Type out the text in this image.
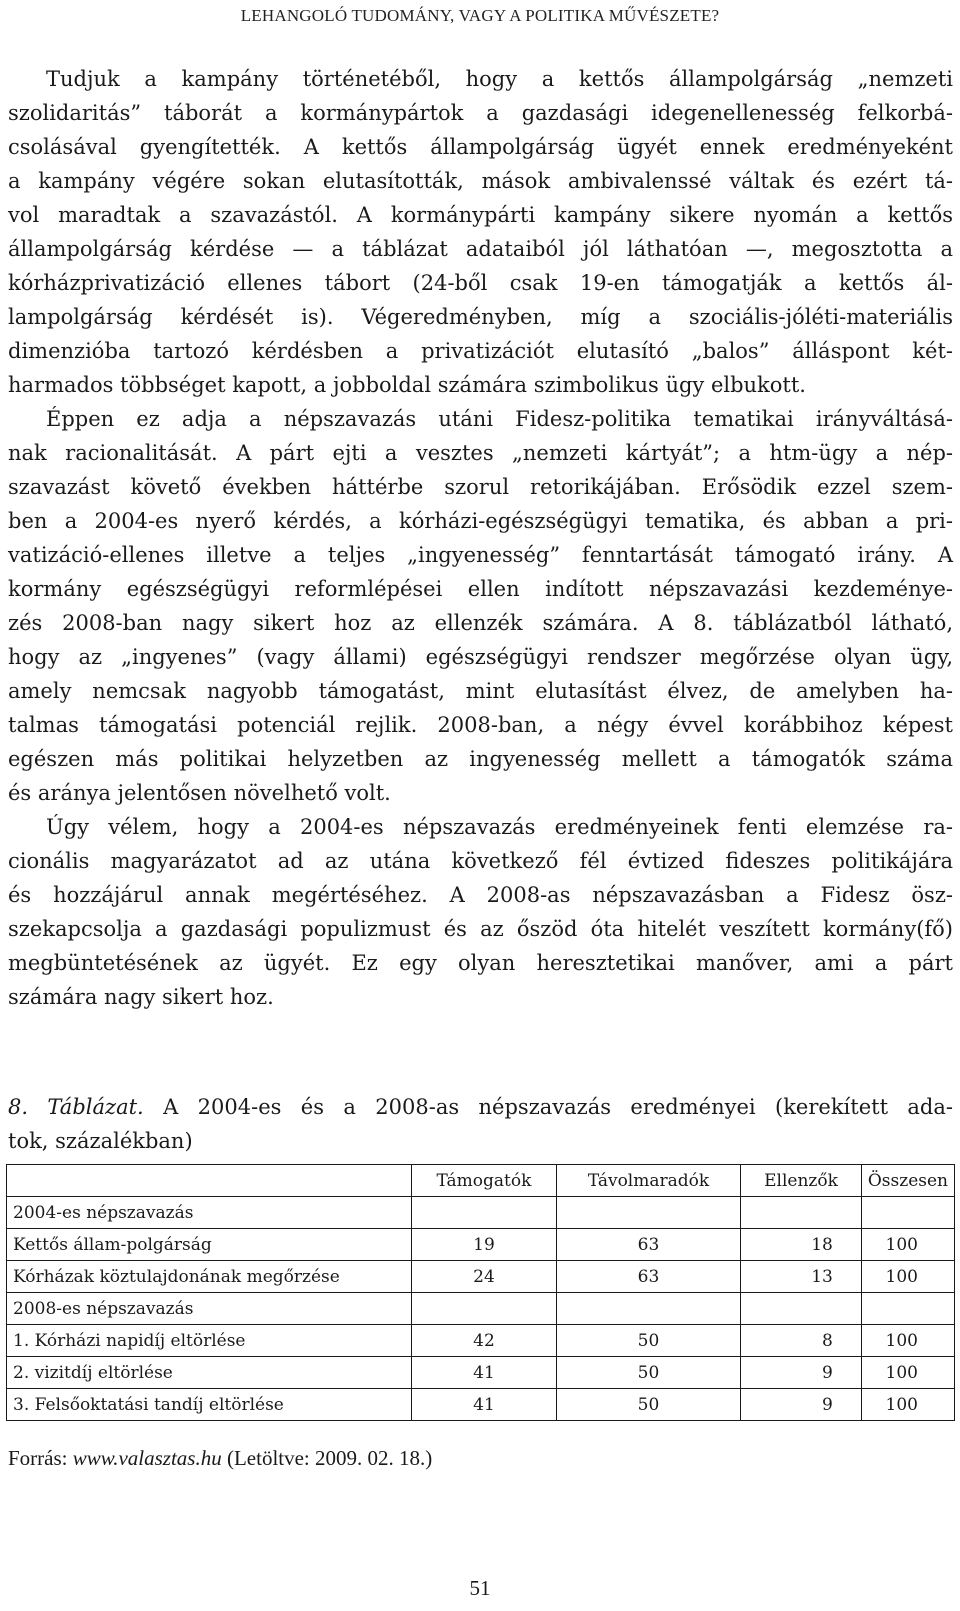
LEHANGOLÓ TUDOMÁNY, VAGY A POLITIKA MŰVÉSZETE?
Tudjuk a kampány történetéből, hogy a kettős állampolgárság „nemzeti
szolidaritás” táborát a kormánypártok a gazdasági idegenellenesség felkorbá-
csolásával gyengítették. A kettős állampolgárság ügyét ennek eredményeként
a kampány végére sokan elutasították, mások ambivalenssé váltak és ezért tá-
vol maradtak a szavazástól. A kormánypárti kampány sikere nyomán a kettős
állampolgárság kérdése — a táblázat adataiból jól láthatóan —, megosztotta a
kórházprivatizáció ellenes tábort (24-ből csak 19-en támogatják a kettős ál-
lampolgárság kérdését is). Végeredményben, míg a szociális-jóléti-materiális
dimenzióba tartozó kérdésben a privatizációt elutasító „balos” álláspont két-
harmados többséget kapott, a jobboldal számára szimbolikus ügy elbukott.
Éppen ez adja a népszavazás utáni Fidesz-politika tematikai irányváltásá-
nak racionalitását. A párt ejti a vesztes „nemzeti kártyát”; a htm-ügy a nép-
szavazást követő években háttérbe szorul retorikájában. Erősödik ezzel szem-
ben a 2004-es nyerő kérdés, a kórházi-egészségügyi tematika, és abban a pri-
vatizáció-ellenes illetve a teljes „ingyenesség” fenntartását támogató irány. A
kormány egészségügyi reformlépései ellen indított népszavazási kezdeményе-
zés 2008-ban nagy sikert hoz az ellenzék számára. A 8. táblázatból látható,
hogy az „ingyenes” (vagy állami) egészségügyi rendszer megőrzése olyan ügy,
amely nemcsak nagyobb támogatást, mint elutasítást élvez, de amelyben ha-
talmas támogatási potenciál rejlik. 2008-ban, a négy évvel korábbihoz képest
egészen más politikai helyzetben az ingyenesség mellett a támogatók száma
és aránya jelentősen növelhető volt.
Úgy vélem, hogy a 2004-es népszavazás eredményeinek fenti elemzése ra-
cionális magyarázatot ad az utána következő fél évtized fideszes politikájára
és hozzájárul annak megértéséhez. A 2008-as népszavazásban a Fidesz ösz-
szekapcsolja a gazdasági populizmust és az őszöd óta hitelét veszített kormány(fő)
megbüntetésének az ügyét. Ez egy olyan heresztetikai manőver, ami a párt
számára nagy sikert hoz.
8. Táblázat. A 2004-es és a 2008-as népszavazás eredményei (kerekített ada-
tok, százalékban)
	Támogatók	Távolmaradók	Ellenzők	Összesen
2004-es népszavazás				
Kettős állam-polgárság	19	63	18	100
Kórházak köztulajdonának megőrzése	24	63	13	100
2008-es népszavazás				
1. Kórházi napidíj eltörlése	42	50	8	100
2. vizitdíj eltörlése	41	50	9	100
3. Felsőoktatási tandíj eltörlése	41	50	9	100
Forrás: www.valasztas.hu (Letöltve: 2009. 02. 18.)
51
